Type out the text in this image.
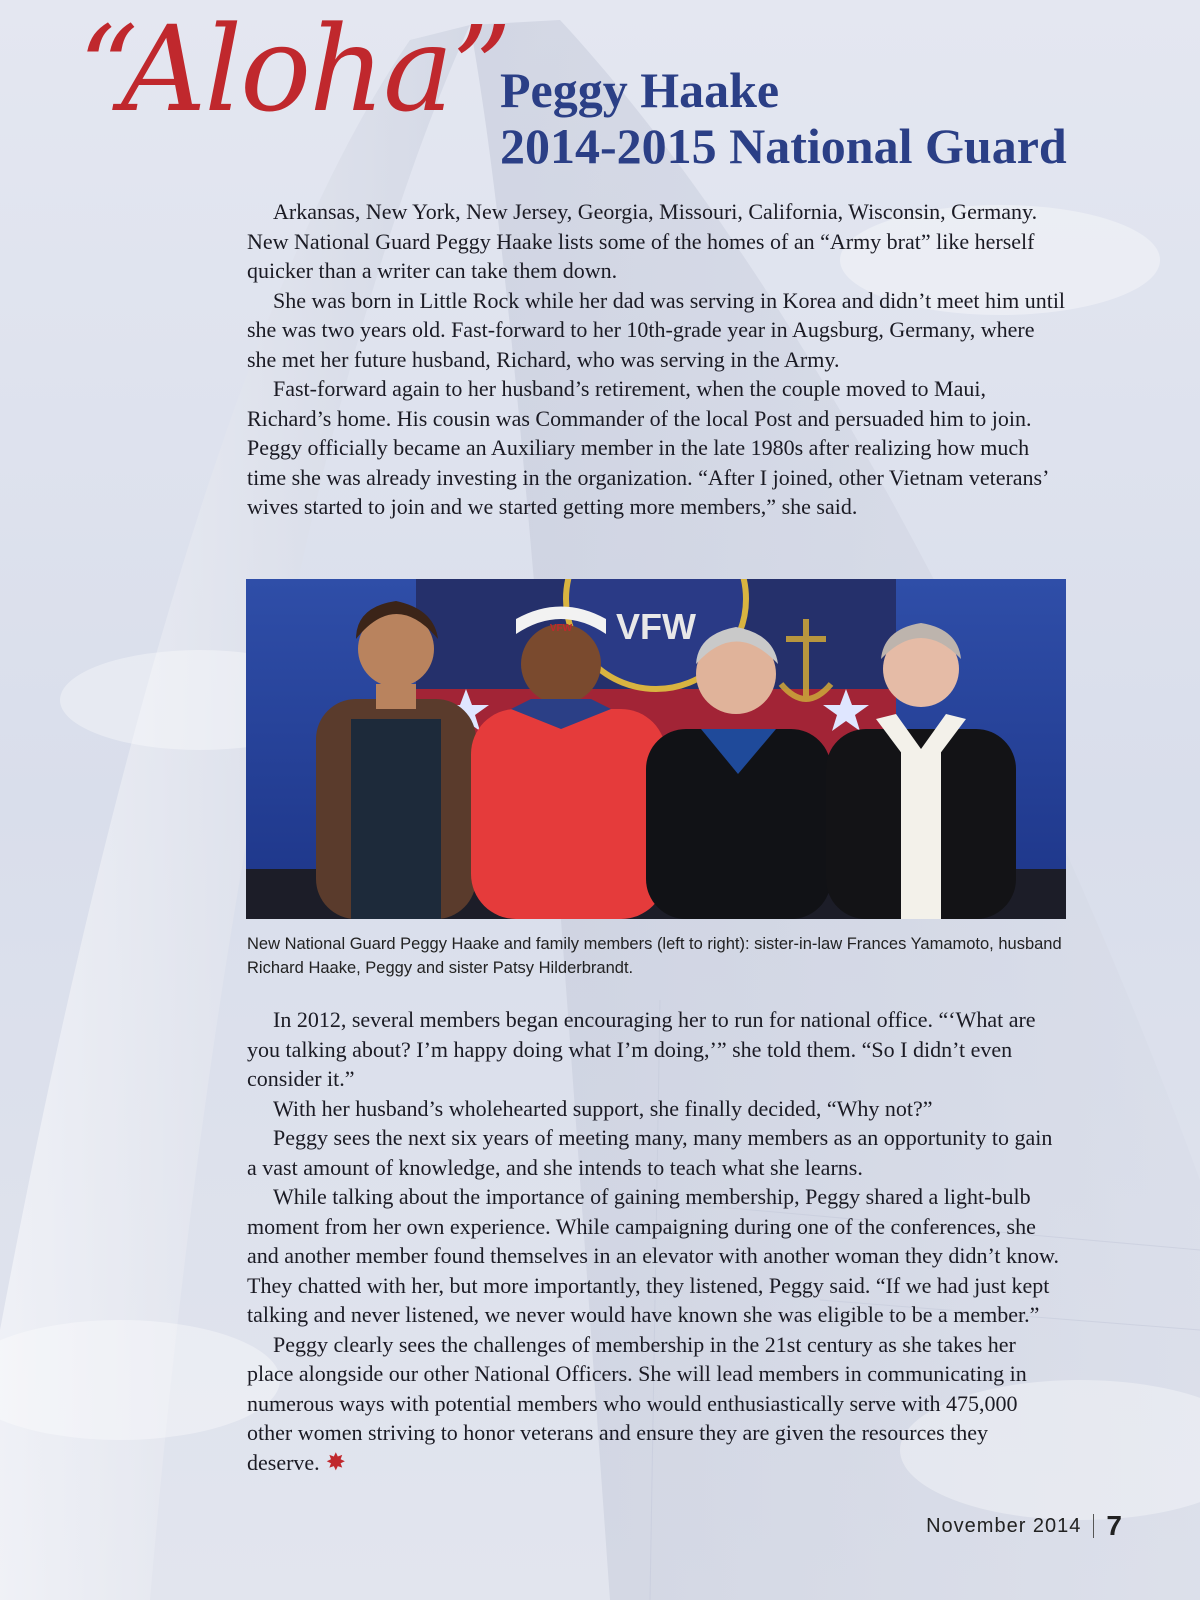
“Aloha”
Peggy Haake
2014-2015 National Guard

Arkansas, New York, New Jersey, Georgia, Missouri, California, Wisconsin, Germany. New National Guard Peggy Haake lists some of the homes of an “Army brat” like herself quicker than a writer can take them down.

She was born in Little Rock while her dad was serving in Korea and didn’t meet him until she was two years old. Fast-forward to her 10th-grade year in Augsburg, Germany, where she met her future husband, Richard, who was serving in the Army.

Fast-forward again to her husband’s retirement, when the couple moved to Maui, Richard’s home. His cousin was Commander of the local Post and persuaded him to join. Peggy officially became an Auxiliary member in the late 1980s after realizing how much time she was already investing in the organization. “After I joined, other Vietnam veterans’ wives started to join and we started getting more members,” she said.

VFW
VFW
New National Guard Peggy Haake and family members (left to right): sister-in-law Frances Yamamoto, husband Richard Haake, Peggy and sister Patsy Hilderbrandt.

In 2012, several members began encouraging her to run for national office. “‘What are you talking about? I’m happy doing what I’m doing,’” she told them. “So I didn’t even consider it.”

With her husband’s wholehearted support, she finally decided, “Why not?”

Peggy sees the next six years of meeting many, many members as an opportunity to gain a vast amount of knowledge, and she intends to teach what she learns.

While talking about the importance of gaining membership, Peggy shared a light-bulb moment from her own experience. While campaigning during one of the conferences, she and another member found themselves in an elevator with another woman they didn’t know. They chatted with her, but more importantly, they listened, Peggy said. “If we had just kept talking and never listened, we never would have known she was eligible to be a member.”

Peggy clearly sees the challenges of membership in the 21st century as she takes her place alongside our other National Officers. She will lead members in communicating in numerous ways with potential members who would enthusiastically serve with 475,000 other women striving to honor veterans and ensure they are given the resources they deserve. ✸

November 2014 7
